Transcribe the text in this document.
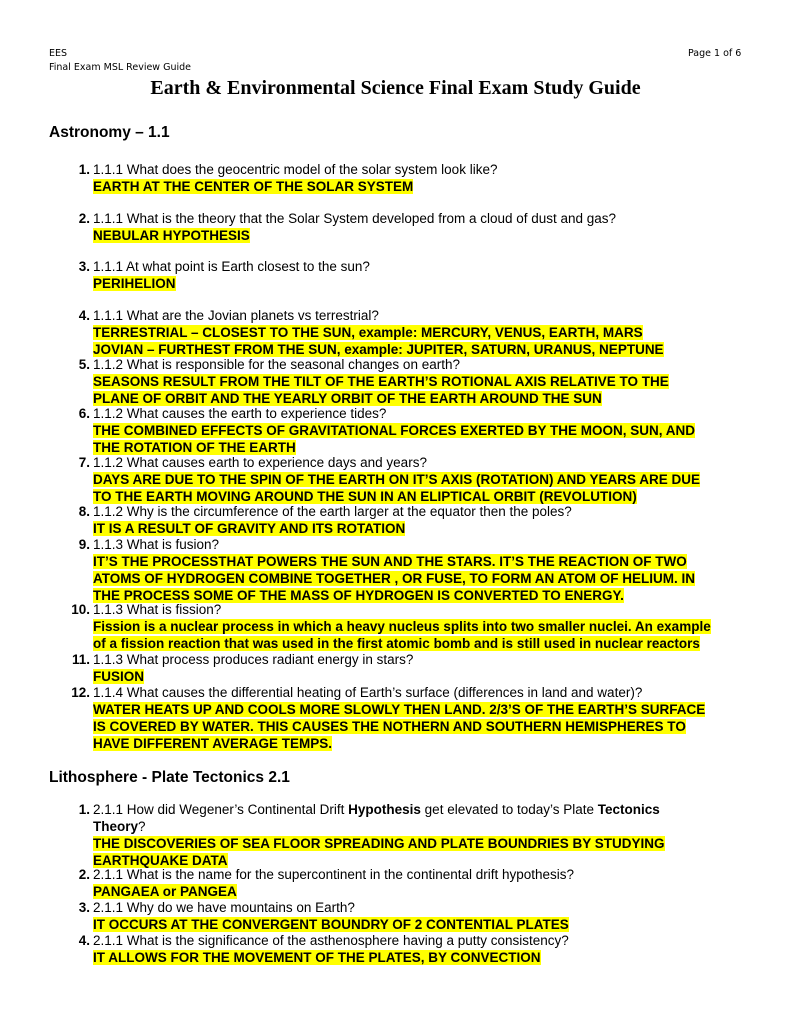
EES
Final Exam MSL Review Guide
Page 1 of 6
Earth & Environmental Science Final Exam Study Guide
Astronomy – 1.1
1. 1.1.1 What does the geocentric model of the solar system look like?
EARTH AT THE CENTER OF THE SOLAR SYSTEM
2. 1.1.1 What is the theory that the Solar System developed from a cloud of dust and gas?
NEBULAR HYPOTHESIS
3. 1.1.1 At what point is Earth closest to the sun?
PERIHELION
4. 1.1.1 What are the Jovian planets vs terrestrial?
TERRESTRIAL – CLOSEST TO THE SUN, example: MERCURY, VENUS, EARTH, MARS
JOVIAN – FURTHEST FROM THE SUN, example: JUPITER, SATURN, URANUS, NEPTUNE
5. 1.1.2 What is responsible for the seasonal changes on earth?
SEASONS RESULT FROM THE TILT OF THE EARTH’S ROTIONAL AXIS RELATIVE TO THE
PLANE OF ORBIT AND THE YEARLY ORBIT OF THE EARTH AROUND THE SUN
6. 1.1.2 What causes the earth to experience tides?
THE COMBINED EFFECTS OF GRAVITATIONAL FORCES EXERTED BY THE MOON, SUN, AND
THE ROTATION OF THE EARTH
7. 1.1.2 What causes earth to experience days and years?
DAYS ARE DUE TO THE SPIN OF THE EARTH ON IT’S AXIS (ROTATION) AND YEARS ARE DUE
TO THE EARTH MOVING AROUND THE SUN IN AN ELIPTICAL ORBIT (REVOLUTION)
8. 1.1.2 Why is the circumference of the earth larger at the equator then the poles?
IT IS A RESULT OF GRAVITY AND ITS ROTATION
9. 1.1.3 What is fusion?
IT’S THE PROCESSTHAT POWERS THE SUN AND THE STARS. IT’S THE REACTION OF TWO
ATOMS OF HYDROGEN COMBINE TOGETHER , OR FUSE, TO FORM AN ATOM OF HELIUM. IN
THE PROCESS SOME OF THE MASS OF HYDROGEN IS CONVERTED TO ENERGY.
10. 1.1.3 What is fission?
Fission is a nuclear process in which a heavy nucleus splits into two smaller nuclei. An example
of a fission reaction that was used in the first atomic bomb and is still used in nuclear reactors
11. 1.1.3 What process produces radiant energy in stars?
FUSION
12. 1.1.4 What causes the differential heating of Earth’s surface (differences in land and water)?
WATER HEATS UP AND COOLS MORE SLOWLY THEN LAND. 2/3’S OF THE EARTH’S SURFACE
IS COVERED BY WATER. THIS CAUSES THE NOTHERN AND SOUTHERN HEMISPHERES TO
HAVE DIFFERENT AVERAGE TEMPS.
Lithosphere - Plate Tectonics 2.1
1. 2.1.1 How did Wegener’s Continental Drift Hypothesis get elevated to today’s Plate Tectonics
Theory?
THE DISCOVERIES OF SEA FLOOR SPREADING AND PLATE BOUNDRIES BY STUDYING
EARTHQUAKE DATA
2. 2.1.1 What is the name for the supercontinent in the continental drift hypothesis?
PANGAEA or PANGEA
3. 2.1.1 Why do we have mountains on Earth?
IT OCCURS AT THE CONVERGENT BOUNDRY OF 2 CONTENTIAL PLATES
4. 2.1.1 What is the significance of the asthenosphere having a putty consistency?
IT ALLOWS FOR THE MOVEMENT OF THE PLATES, BY CONVECTION
